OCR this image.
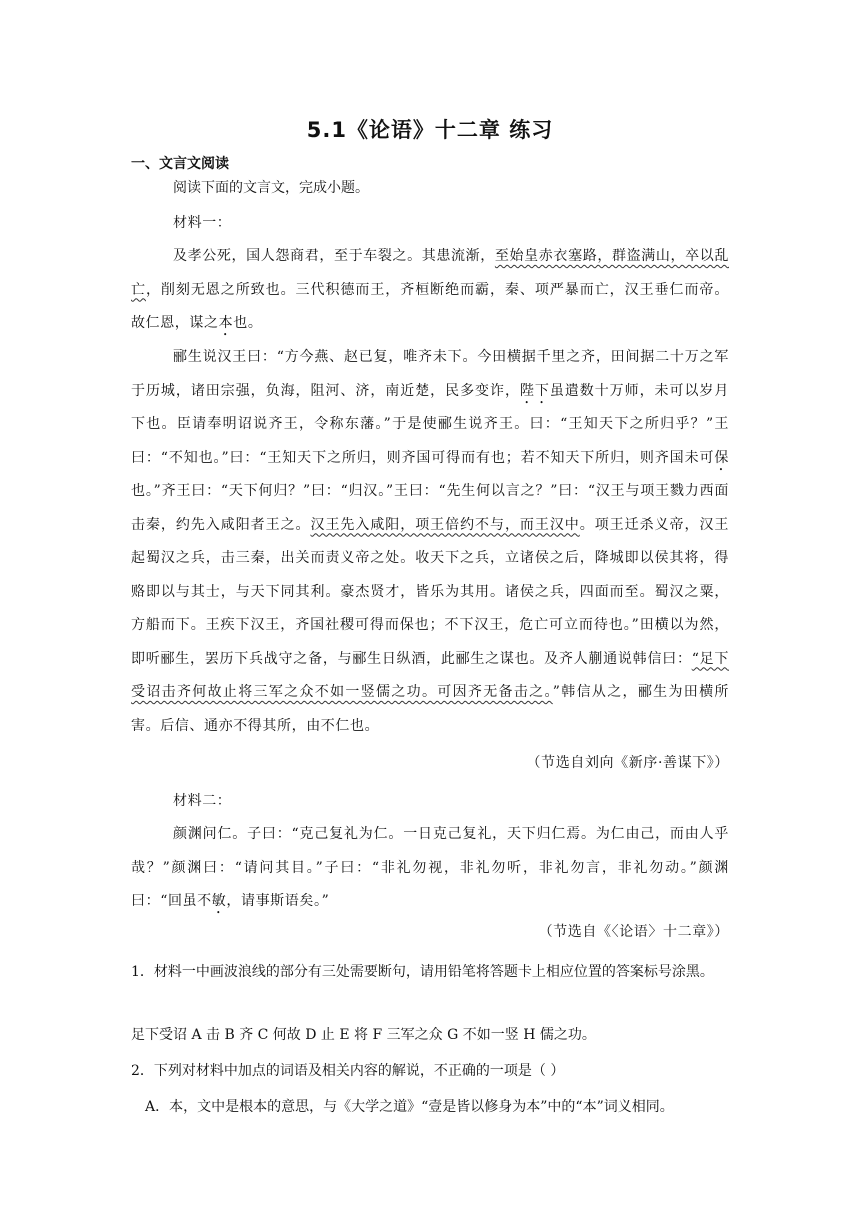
5.1《论语》十二章 练习
一、文言文阅读

阅读下面的文言文，完成小题。

材料一：

及孝公死，国人怨商君，至于车裂之。其患流渐，至始皇赤衣塞路，群盗满山，卒以乱亡，削刻无恩之所致也。三代积德而王，齐桓断绝而霸，秦、项严暴而亡，汉王垂仁而帝。故仁恩，谋之本也。

郦生说汉王曰：“方今燕、赵已复，唯齐未下。今田横据千里之齐，田间据二十万之军于历城，诸田宗强，负海，阻河、济，南近楚，民多变诈，陛下虽遣数十万师，未可以岁月下也。臣请奉明诏说齐王，令称东藩。”于是使郦生说齐王。曰：“王知天下之所归乎？”王曰：“不知也。”曰：“王知天下之所归，则齐国可得而有也；若不知天下所归，则齐国未可保也。”齐王曰：“天下何归？”曰：“归汉。”王曰：“先生何以言之？”曰：“汉王与项王戮力西面击秦，约先入咸阳者王之。汉王先入咸阳，项王倍约不与，而王汉中。项王迁杀义帝，汉王起蜀汉之兵，击三秦，出关而责义帝之处。收天下之兵，立诸侯之后，降城即以侯其将，得赂即以与其士，与天下同其利。豪杰贤才，皆乐为其用。诸侯之兵，四面而至。蜀汉之粟，方船而下。王疾下汉王，齐国社稷可得而保也；不下汉王，危亡可立而待也。”田横以为然，即听郦生，罢历下兵战守之备，与郦生日纵酒，此郦生之谋也。及齐人蒯通说韩信曰：“足下受诏击齐何故止将三军之众不如一竖儒之功。可因齐无备击之。”韩信从之，郦生为田横所害。后信、通亦不得其所，由不仁也。

（节选自刘向《新序·善谋下》）

材料二：

颜渊问仁。子曰：“克己复礼为仁。一日克己复礼，天下归仁焉。为仁由己，而由人乎哉？”颜渊曰：“请问其目。”子曰：“非礼勿视，非礼勿听，非礼勿言，非礼勿动。”颜渊曰：“回虽不敏，请事斯语矣。”

（节选自《〈论语〉十二章》）

1．材料一中画波浪线的部分有三处需要断句，请用铅笔将答题卡上相应位置的答案标号涂黑。

足下受诏 A 击 B 齐 C 何故 D 止 E 将 F 三军之众 G 不如一竖 H 儒之功。

2．下列对材料中加点的词语及相关内容的解说，不正确的一项是（ ）

A．本，文中是根本的意思，与《大学之道》“壹是皆以修身为本”中的“本”词义相同。
